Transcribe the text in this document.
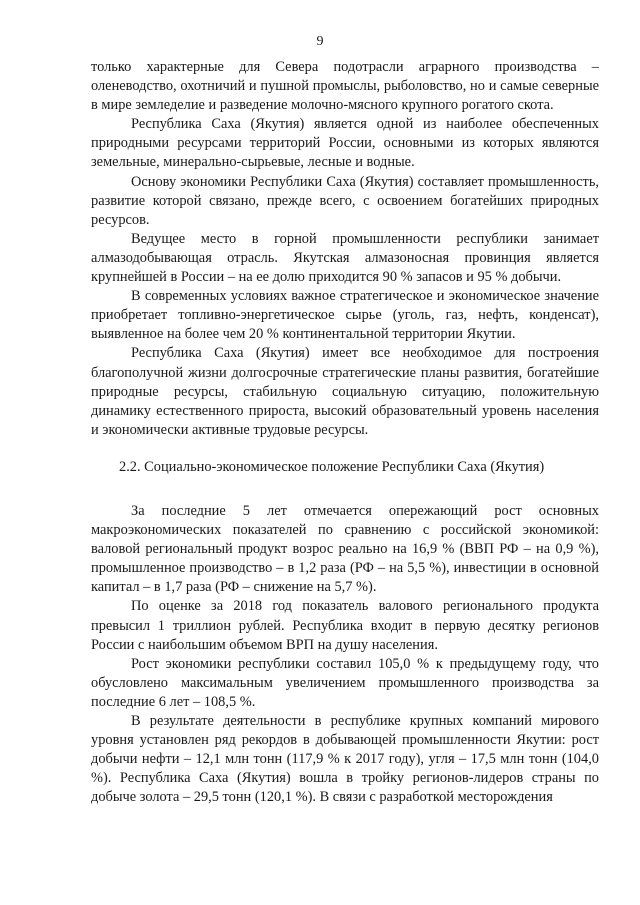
9

только характерные для Севера подотрасли аграрного производства – оленеводство, охотничий и пушной промыслы, рыболовство, но и самые северные в мире земледелие и разведение молочно-мясного крупного рогатого скота.

Республика Саха (Якутия) является одной из наиболее обеспеченных природными ресурсами территорий России, основными из которых являются земельные, минерально-сырьевые, лесные и водные.

Основу экономики Республики Саха (Якутия) составляет промышленность, развитие которой связано, прежде всего, с освоением богатейших природных ресурсов.

Ведущее место в горной промышленности республики занимает алмазодобывающая отрасль. Якутская алмазоносная провинция является крупнейшей в России – на ее долю приходится 90 % запасов и 95 % добычи.

В современных условиях важное стратегическое и экономическое значение приобретает топливно-энергетическое сырье (уголь, газ, нефть, конденсат), выявленное на более чем 20 % континентальной территории Якутии.

Республика Саха (Якутия) имеет все необходимое для построения благополучной жизни долгосрочные стратегические планы развития, богатейшие природные ресурсы, стабильную социальную ситуацию, положительную динамику естественного прироста, высокий образовательный уровень населения и экономически активные трудовые ресурсы.

2.2. Социально-экономическое положение Республики Саха (Якутия)

За последние 5 лет отмечается опережающий рост основных макроэкономических показателей по сравнению с российской экономикой: валовой региональный продукт возрос реально на 16,9 % (ВВП РФ – на 0,9 %), промышленное производство – в 1,2 раза (РФ – на 5,5 %), инвестиции в основной капитал – в 1,7 раза (РФ – снижение на 5,7 %).

По оценке за 2018 год показатель валового регионального продукта превысил 1 триллион рублей. Республика входит в первую десятку регионов России с наибольшим объемом ВРП на душу населения.

Рост экономики республики составил 105,0 % к предыдущему году, что обусловлено максимальным увеличением промышленного производства за последние 6 лет – 108,5 %.

В результате деятельности в республике крупных компаний мирового уровня установлен ряд рекордов в добывающей промышленности Якутии: рост добычи нефти – 12,1 млн тонн (117,9 % к 2017 году), угля – 17,5 млн тонн (104,0 %). Республика Саха (Якутия) вошла в тройку регионов-лидеров страны по добыче золота – 29,5 тонн (120,1 %). В связи с разработкой месторождения
